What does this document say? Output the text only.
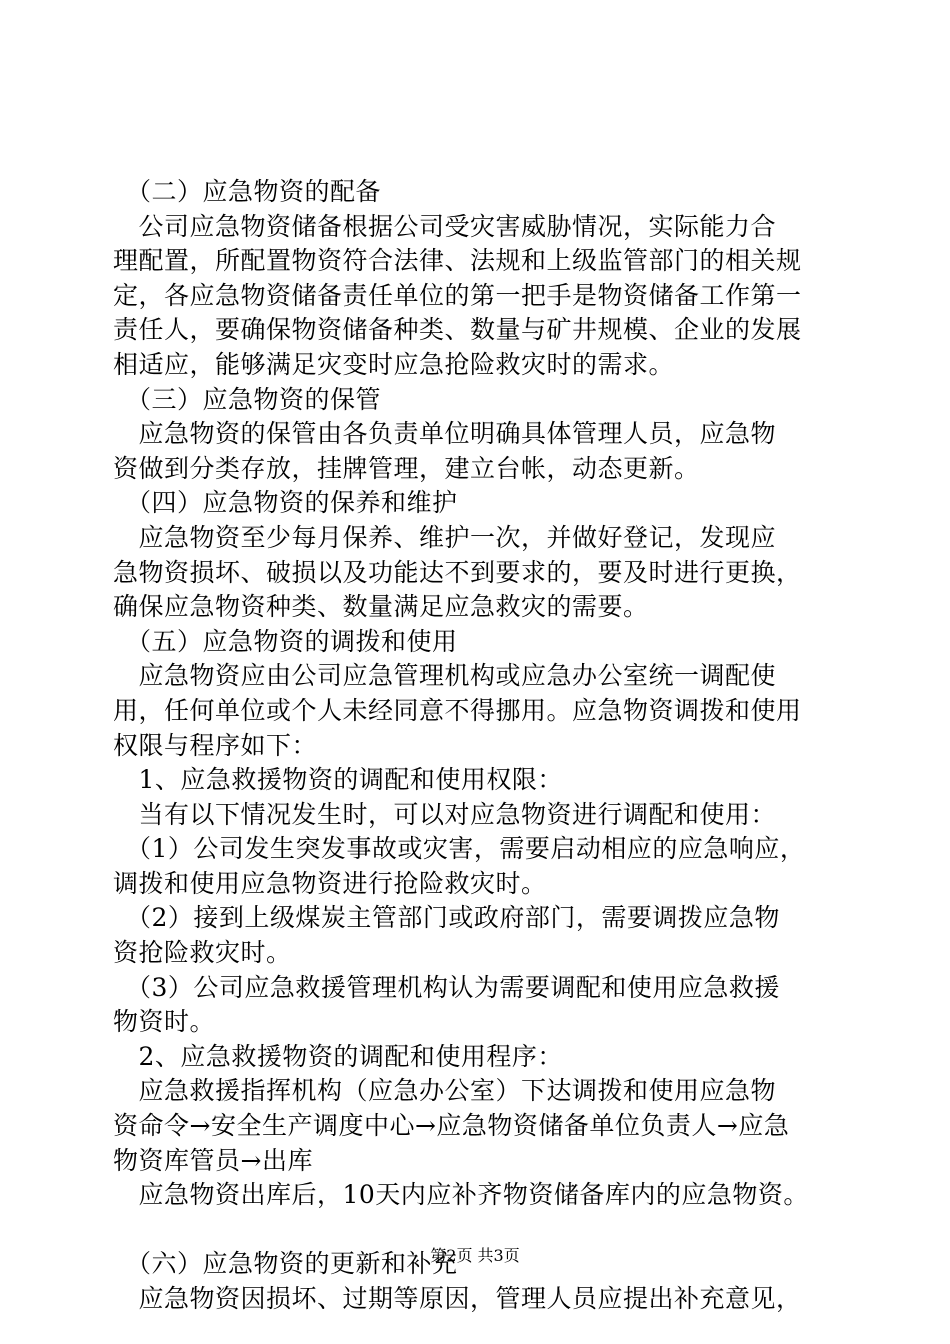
　（二）应急物资的配备
　公司应急物资储备根据公司受灾害威胁情况，实际能力合
理配置，所配置物资符合法律、法规和上级监管部门的相关规
定，各应急物资储备责任单位的第一把手是物资储备工作第一
责任人，要确保物资储备种类、数量与矿井规模、企业的发展
相适应，能够满足灾变时应急抢险救灾时的需求。
　（三）应急物资的保管
　应急物资的保管由各负责单位明确具体管理人员，应急物
资做到分类存放，挂牌管理，建立台帐，动态更新。
　（四）应急物资的保养和维护
　应急物资至少每月保养、维护一次，并做好登记，发现应
急物资损坏、破损以及功能达不到要求的，要及时进行更换，
确保应急物资种类、数量满足应急救灾的需要。
　（五）应急物资的调拨和使用
　应急物资应由公司应急管理机构或应急办公室统一调配使
用，任何单位或个人未经同意不得挪用。应急物资调拨和使用
权限与程序如下：
　1、应急救援物资的调配和使用权限：
　当有以下情况发生时，可以对应急物资进行调配和使用：
　（1）公司发生突发事故或灾害，需要启动相应的应急响应，
调拨和使用应急物资进行抢险救灾时。
　（2）接到上级煤炭主管部门或政府部门，需要调拨应急物
资抢险救灾时。
　（3）公司应急救援管理机构认为需要调配和使用应急救援
物资时。
　2、应急救援物资的调配和使用程序：
　应急救援指挥机构（应急办公室）下达调拨和使用应急物
资命令→安全生产调度中心→应急物资储备单位负责人→应急
物资库管员→出库
　应急物资出库后，10天内应补齐物资储备库内的应急物资。
　（六）应急物资的更新和补充
　应急物资因损坏、过期等原因，管理人员应提出补充意见，
第2页 共3页
